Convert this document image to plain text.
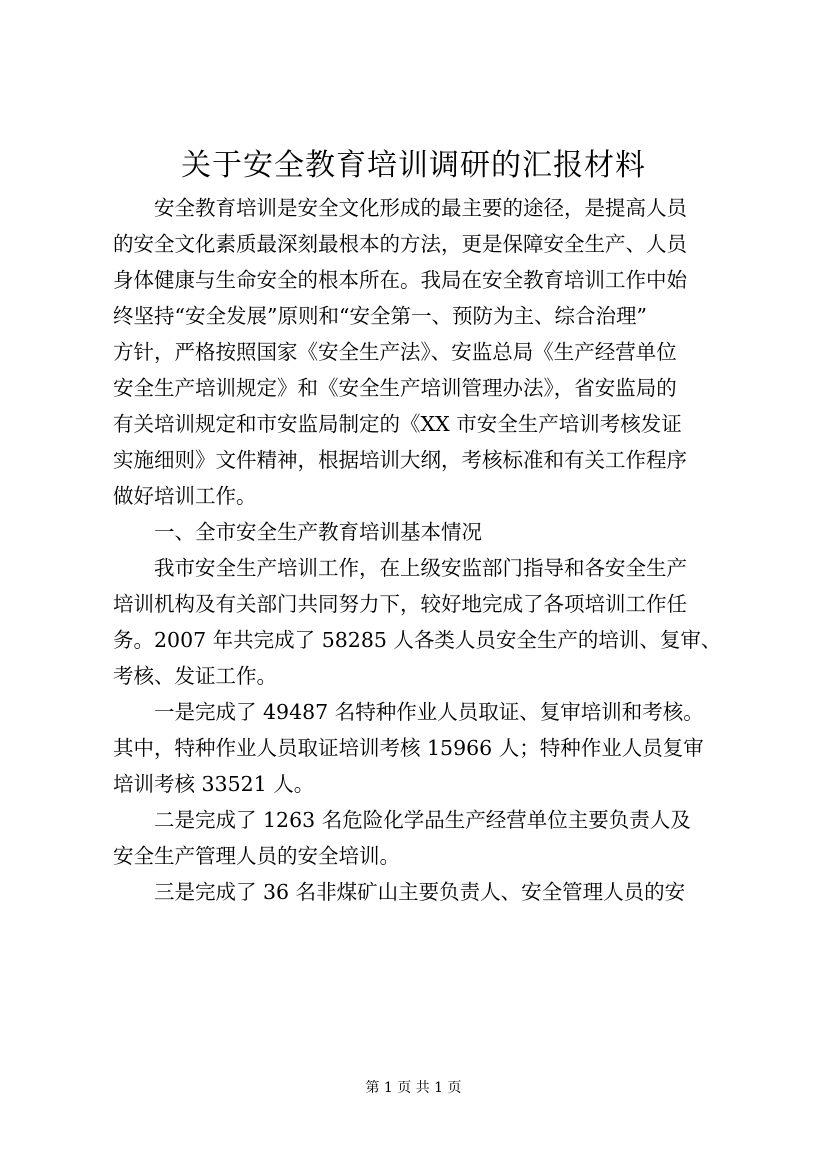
关于安全教育培训调研的汇报材料
　　安全教育培训是安全文化形成的最主要的途径，是提高人员
的安全文化素质最深刻最根本的方法，更是保障安全生产、人员
身体健康与生命安全的根本所在。我局在安全教育培训工作中始
终坚持“安全发展”原则和“安全第一、预防为主、综合治理”
方针，严格按照国家《安全生产法》、安监总局《生产经营单位
安全生产培训规定》和《安全生产培训管理办法》，省安监局的
有关培训规定和市安监局制定的《XX 市安全生产培训考核发证
实施细则》文件精神，根据培训大纲，考核标准和有关工作程序
做好培训工作。
　　一、全市安全生产教育培训基本情况
　　我市安全生产培训工作，在上级安监部门指导和各安全生产
培训机构及有关部门共同努力下，较好地完成了各项培训工作任
务。2007 年共完成了 58285 人各类人员安全生产的培训、复审、
考核、发证工作。
　　一是完成了 49487 名特种作业人员取证、复审培训和考核。
其中，特种作业人员取证培训考核 15966 人；特种作业人员复审
培训考核 33521 人。
　　二是完成了 1263 名危险化学品生产经营单位主要负责人及
安全生产管理人员的安全培训。
　　三是完成了 36 名非煤矿山主要负责人、安全管理人员的安
第 1 页 共 1 页
